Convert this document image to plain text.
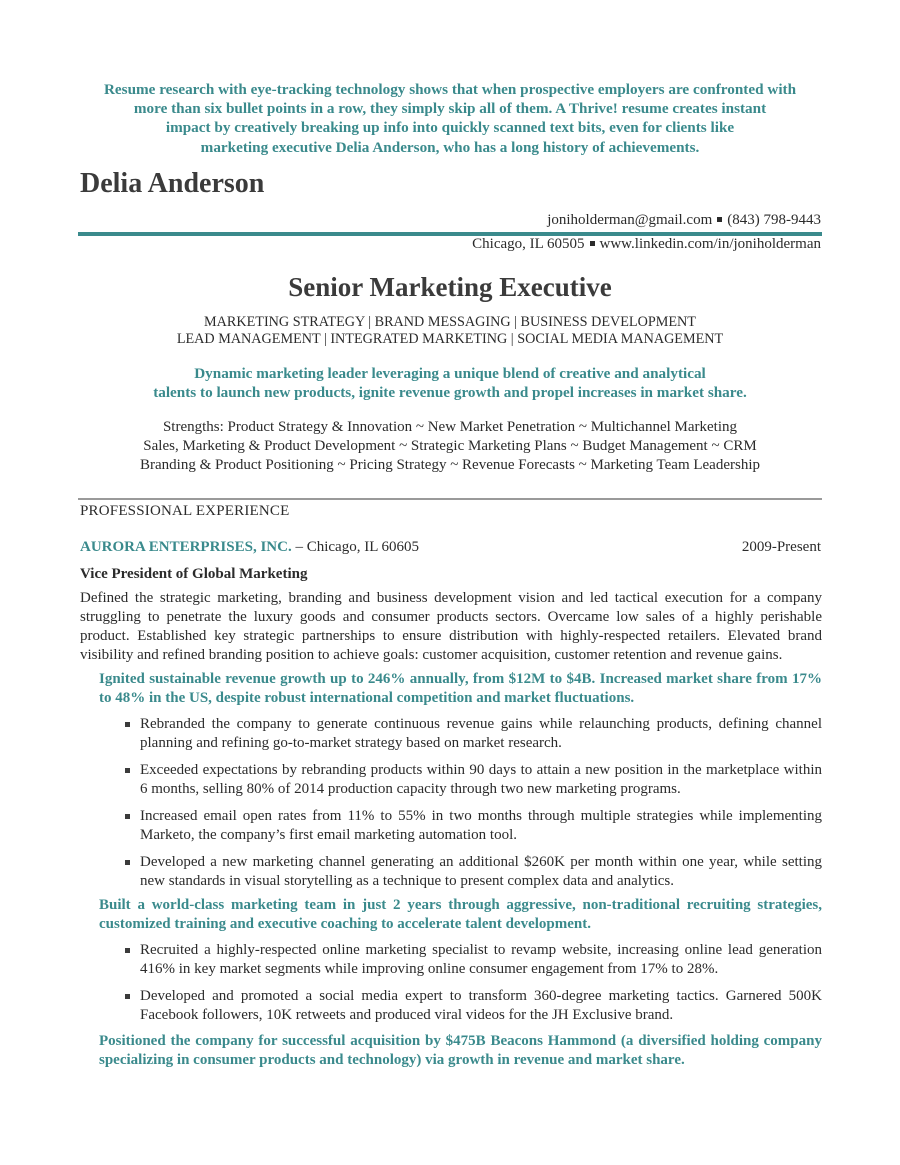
Resume research with eye-tracking technology shows that when prospective employers are confronted with
more than six bullet points in a row, they simply skip all of them. A Thrive! resume creates instant
impact by creatively breaking up info into quickly scanned text bits, even for clients like
marketing executive Delia Anderson, who has a long history of achievements.
Delia Anderson
joniholderman@gmail.com (843) 798-9443
Chicago, IL 60505 www.linkedin.com/in/joniholderman
Senior Marketing Executive
MARKETING STRATEGY | BRAND MESSAGING | BUSINESS DEVELOPMENT
LEAD MANAGEMENT | INTEGRATED MARKETING | SOCIAL MEDIA MANAGEMENT
Dynamic marketing leader leveraging a unique blend of creative and analytical
talents to launch new products, ignite revenue growth and propel increases in market share.
Strengths: Product Strategy & Innovation ~ New Market Penetration ~ Multichannel Marketing
Sales, Marketing & Product Development ~ Strategic Marketing Plans ~ Budget Management ~ CRM
Branding & Product Positioning ~ Pricing Strategy ~ Revenue Forecasts ~ Marketing Team Leadership
PROFESSIONAL EXPERIENCE
AURORA ENTERPRISES, INC. – Chicago, IL 60605	2009-Present
Vice President of Global Marketing
Defined the strategic marketing, branding and business development vision and led tactical execution for a company struggling to penetrate the luxury goods and consumer products sectors. Overcame low sales of a highly perishable product. Established key strategic partnerships to ensure distribution with highly-respected retailers. Elevated brand visibility and refined branding position to achieve goals: customer acquisition, customer retention and revenue gains.
Ignited sustainable revenue growth up to 246% annually, from $12M to $4B. Increased market share from 17% to 48% in the US, despite robust international competition and market fluctuations.
Rebranded the company to generate continuous revenue gains while relaunching products, defining channel planning and refining go-to-market strategy based on market research.
Exceeded expectations by rebranding products within 90 days to attain a new position in the marketplace within 6 months, selling 80% of 2014 production capacity through two new marketing programs.
Increased email open rates from 11% to 55% in two months through multiple strategies while implementing Marketo, the company’s first email marketing automation tool.
Developed a new marketing channel generating an additional $260K per month within one year, while setting new standards in visual storytelling as a technique to present complex data and analytics.
Built a world-class marketing team in just 2 years through aggressive, non-traditional recruiting strategies, customized training and executive coaching to accelerate talent development.
Recruited a highly-respected online marketing specialist to revamp website, increasing online lead generation 416% in key market segments while improving online consumer engagement from 17% to 28%.
Developed and promoted a social media expert to transform 360-degree marketing tactics. Garnered 500K Facebook followers, 10K retweets and produced viral videos for the JH Exclusive brand.
Positioned the company for successful acquisition by $475B Beacons Hammond (a diversified holding company specializing in consumer products and technology) via growth in revenue and market share.
